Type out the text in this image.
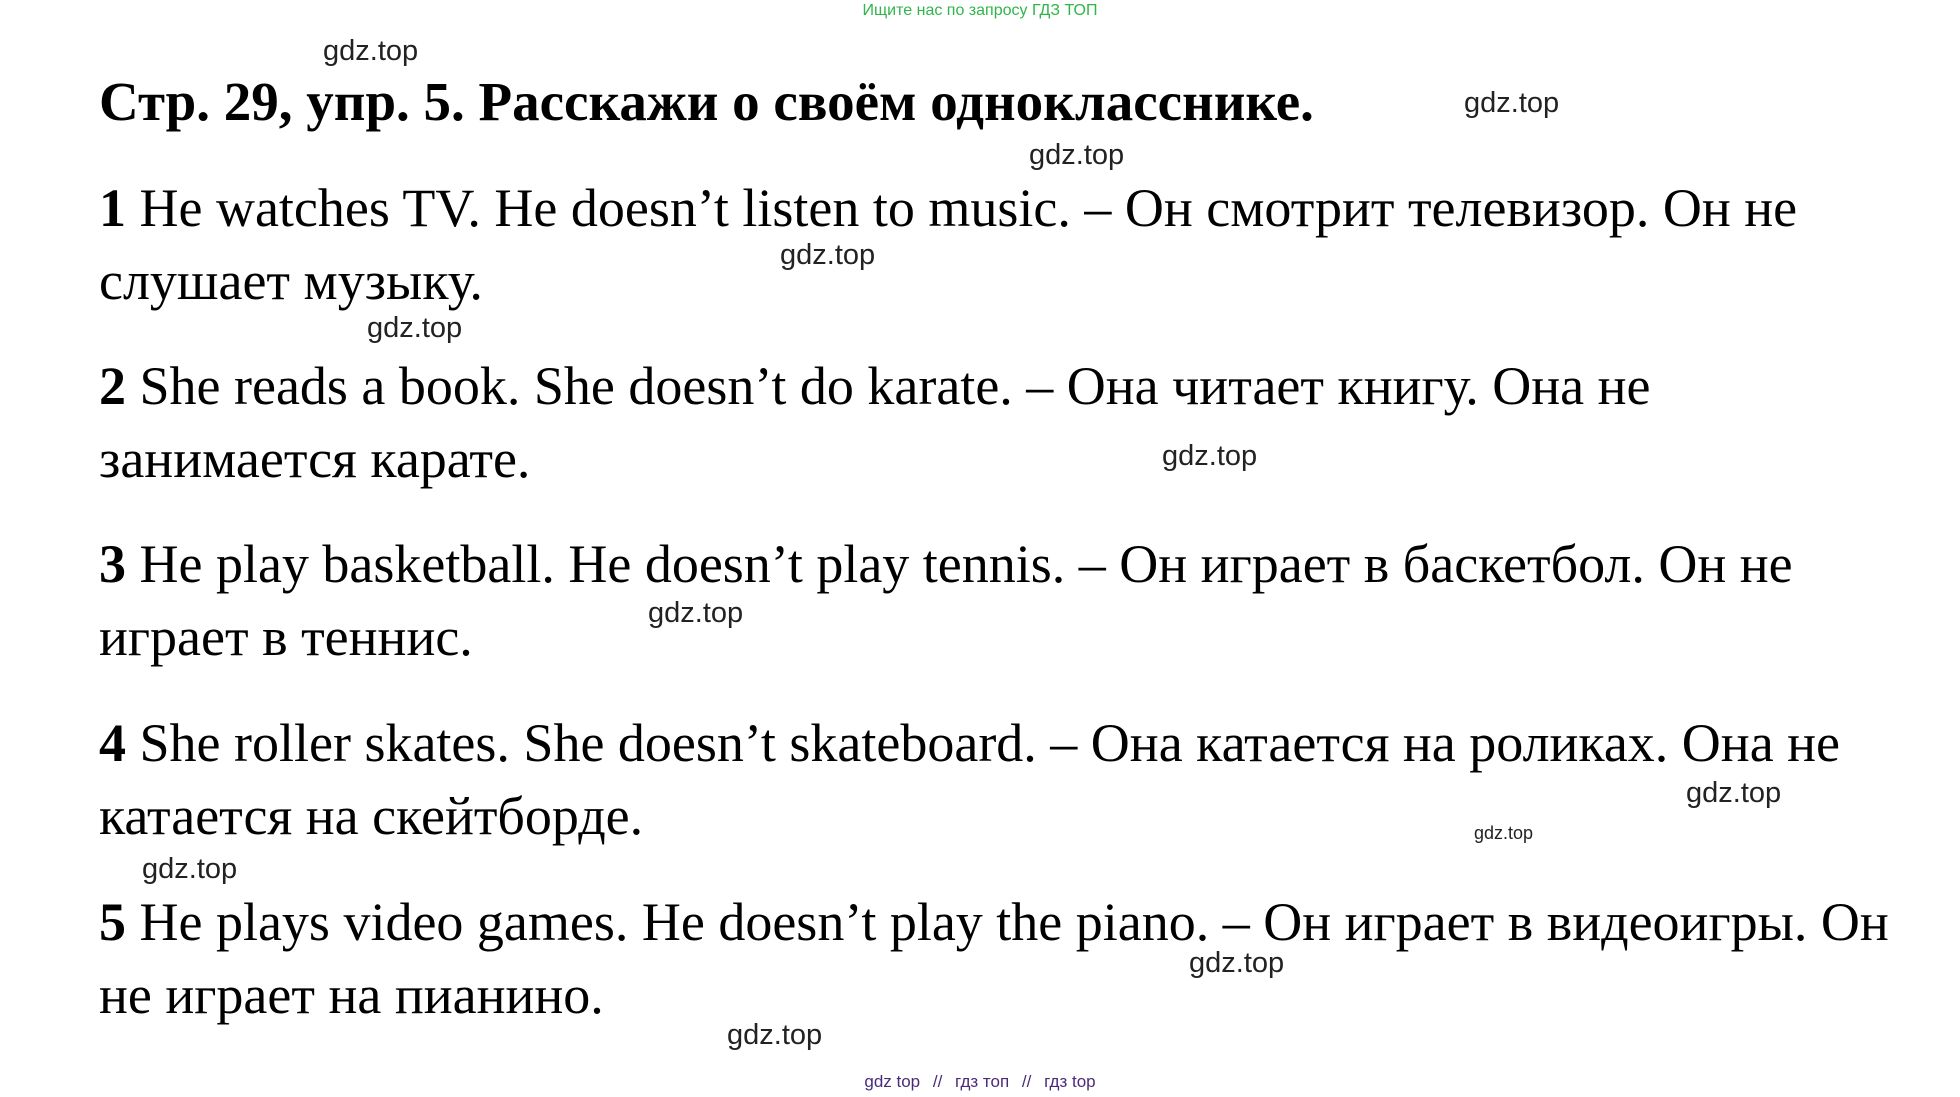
Ищите нас по запросу ГДЗ ТОП
Стр. 29, упр. 5. Расскажи о своём однокласснике.

1 He watches TV. He doesn’t listen to music. – Он смотрит телевизор. Он не слушает музыку.

2 She reads a book. She doesn’t do karate. – Она читает книгу. Она не занимается карате.

3 He play basketball. He doesn’t play tennis. – Он играет в баскетбол. Он не играет в теннис.

4 She roller skates. She doesn’t skateboard. – Она катается на роликах. Она не катается на скейтборде.

5 He plays video games. He doesn’t play the piano. – Он играет в видеоигры. Он не играет на пианино.

gdz.top
gdz.top
gdz.top
gdz.top
gdz.top
gdz.top
gdz.top
gdz.top
gdz.top
gdz.top
gdz.top
gdz.top
gdz top // гдз топ // гдз top
